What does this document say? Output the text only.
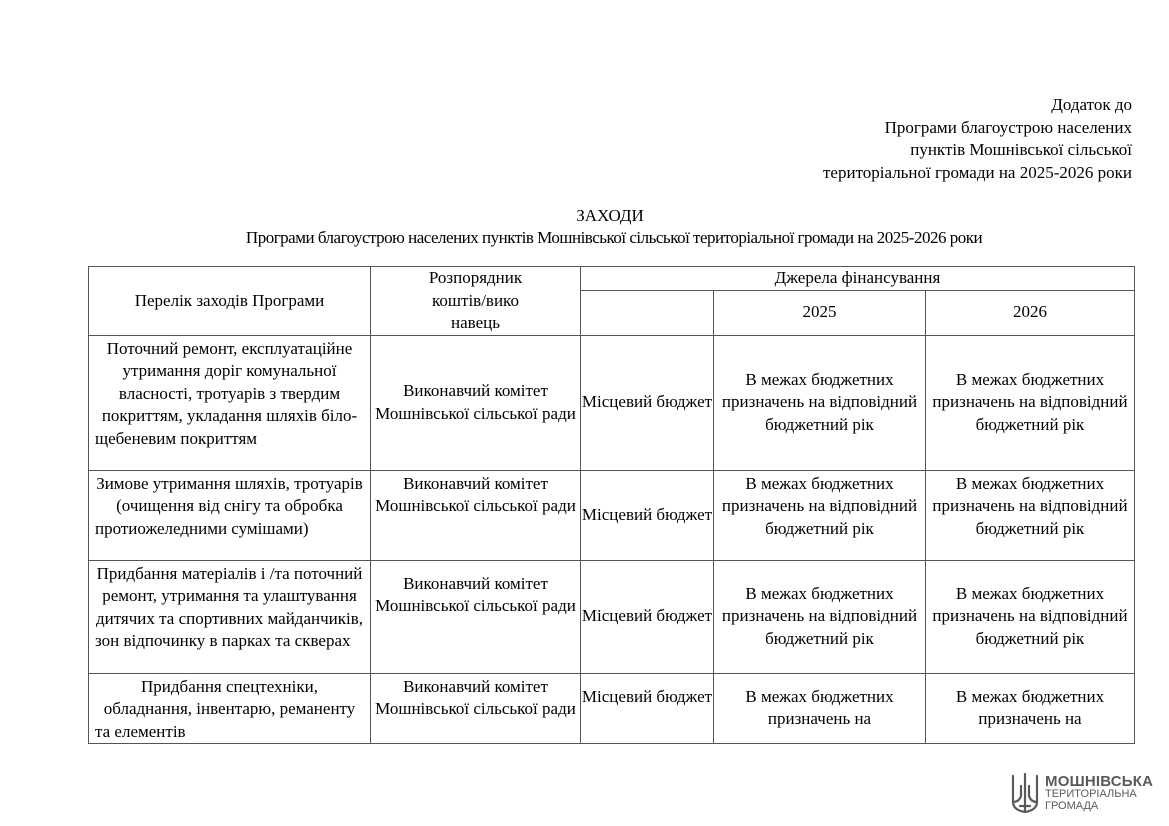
Додаток до
Програми благоустрою населених
пунктів Мошнівської сільської
територіальної громади на 2025-2026 роки
ЗАХОДИ
Програми благоустрою населених пунктів Мошнівської сільської територіальної громади на 2025-2026 роки
Перелік заходів Програми	Розпорядник
коштів/вико
навець	Джерела фінансування		
			2025	2026
Поточний ремонт, експлуатаційне утримання доріг комунальної власності, тротуарів з твердим покриттям, укладання шляхів біло-щебеневим покриттям	Виконавчий комітет Мошнівської сільської ради	Місцевий бюджет	В межах бюджетних призначень на відповідний бюджетний рік	В межах бюджетних призначень на відповідний бюджетний рік
Зимове утримання шляхів, тротуарів (очищення від снігу та обробка протиожеледними сумішами)	Виконавчий комітет Мошнівської сільської ради	Місцевий бюджет	В межах бюджетних призначень на відповідний бюджетний рік	В межах бюджетних призначень на відповідний бюджетний рік
Придбання матеріалів і /та поточний ремонт, утримання та улаштування дитячих та спортивних майданчиків, зон відпочинку в парках та скверах	Виконавчий комітет Мошнівської сільської ради	Місцевий бюджет	В межах бюджетних призначень на відповідний бюджетний рік	В межах бюджетних призначень на відповідний бюджетний рік
Придбання спецтехніки, обладнання, інвентарю, реманенту та елементів	Виконавчий комітет Мошнівської сільської ради	Місцевий бюджет	В межах бюджетних призначень на	В межах бюджетних призначень на
МОШНІВСЬКА
ТЕРИТОРІАЛЬНА
ГРОМАДА
